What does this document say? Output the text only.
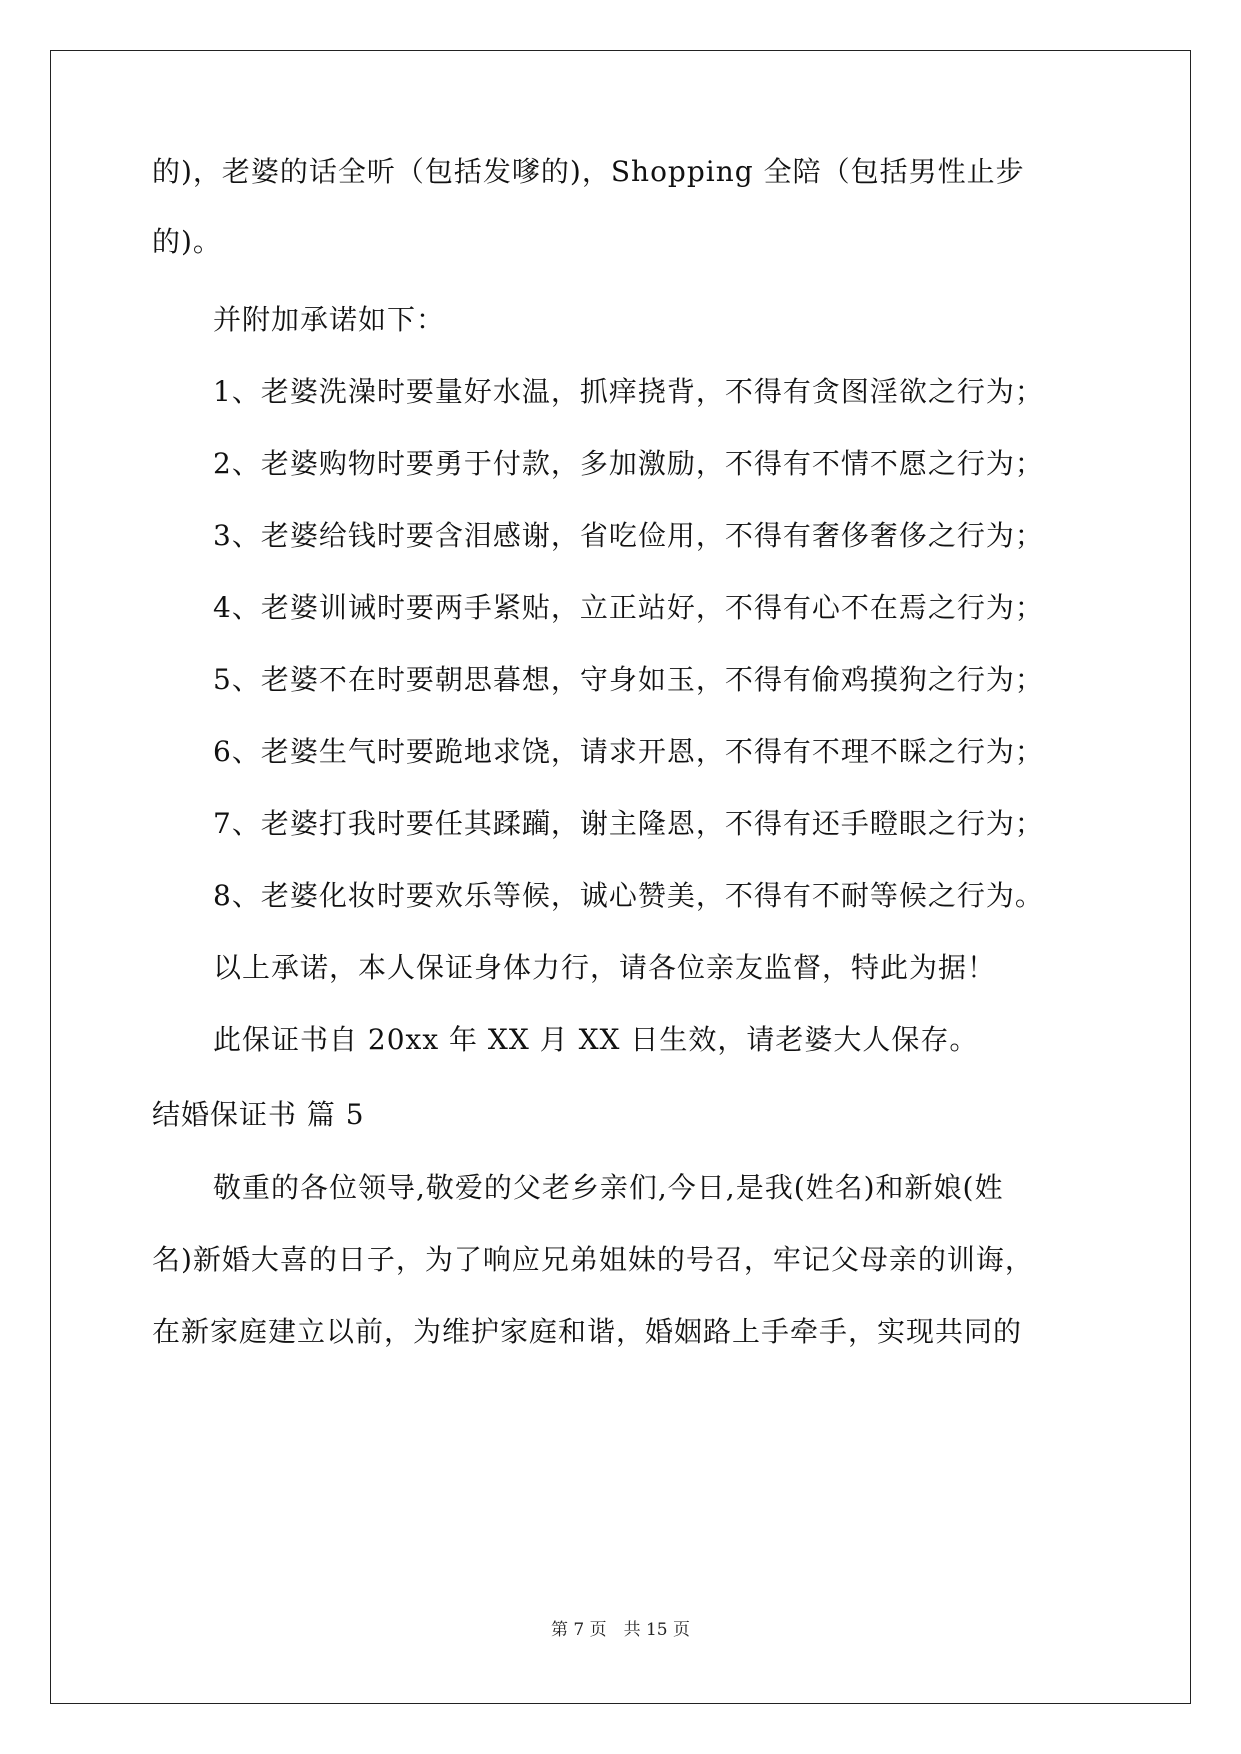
的)，老婆的话全听（包括发嗲的)，Shopping 全陪（包括男性止步
的)。
并附加承诺如下：
1、老婆洗澡时要量好水温，抓痒挠背，不得有贪图淫欲之行为；
2、老婆购物时要勇于付款，多加激励，不得有不情不愿之行为；
3、老婆给钱时要含泪感谢，省吃俭用，不得有奢侈奢侈之行为；
4、老婆训诫时要两手紧贴，立正站好，不得有心不在焉之行为；
5、老婆不在时要朝思暮想，守身如玉，不得有偷鸡摸狗之行为；
6、老婆生气时要跪地求饶，请求开恩，不得有不理不睬之行为；
7、老婆打我时要任其蹂躏，谢主隆恩，不得有还手瞪眼之行为；
8、老婆化妆时要欢乐等候，诚心赞美，不得有不耐等候之行为。
以上承诺，本人保证身体力行，请各位亲友监督，特此为据！
此保证书自 20xx 年 XX 月 XX 日生效，请老婆大人保存。
结婚保证书 篇 5
敬重的各位领导,敬爱的父老乡亲们,今日,是我(姓名)和新娘(姓
名)新婚大喜的日子，为了响应兄弟姐妹的号召，牢记父母亲的训诲，
在新家庭建立以前，为维护家庭和谐，婚姻路上手牵手，实现共同的
第 7 页　共 15 页
